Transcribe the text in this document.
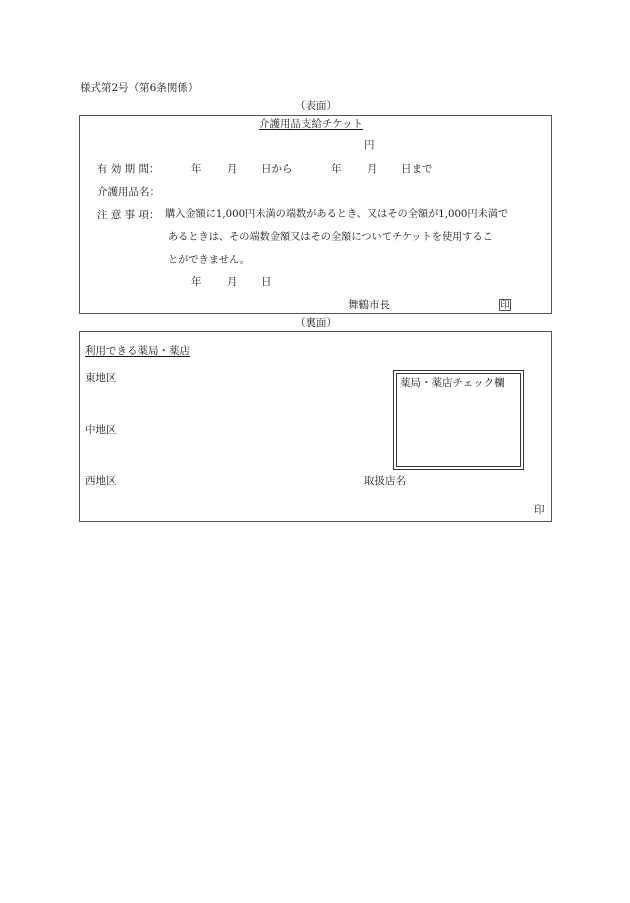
様式第2号（第6条関係）
（表面）
介護用品支給チケット
円
有 効 期 間：	年 月 日から	年 月 日まで
介護用品名：
注 意 事 項： 購入金額に1,000円未満の端数があるとき、又はその全額が1,000円未満で
あるときは、その端数金額又はその全額についてチケットを使用するこ
とができません。
年 月 日
舞鶴市長	印
（裏面）
利用できる薬局・薬店
東地区
中地区
西地区
薬局・薬店チェック欄
取扱店名
印
